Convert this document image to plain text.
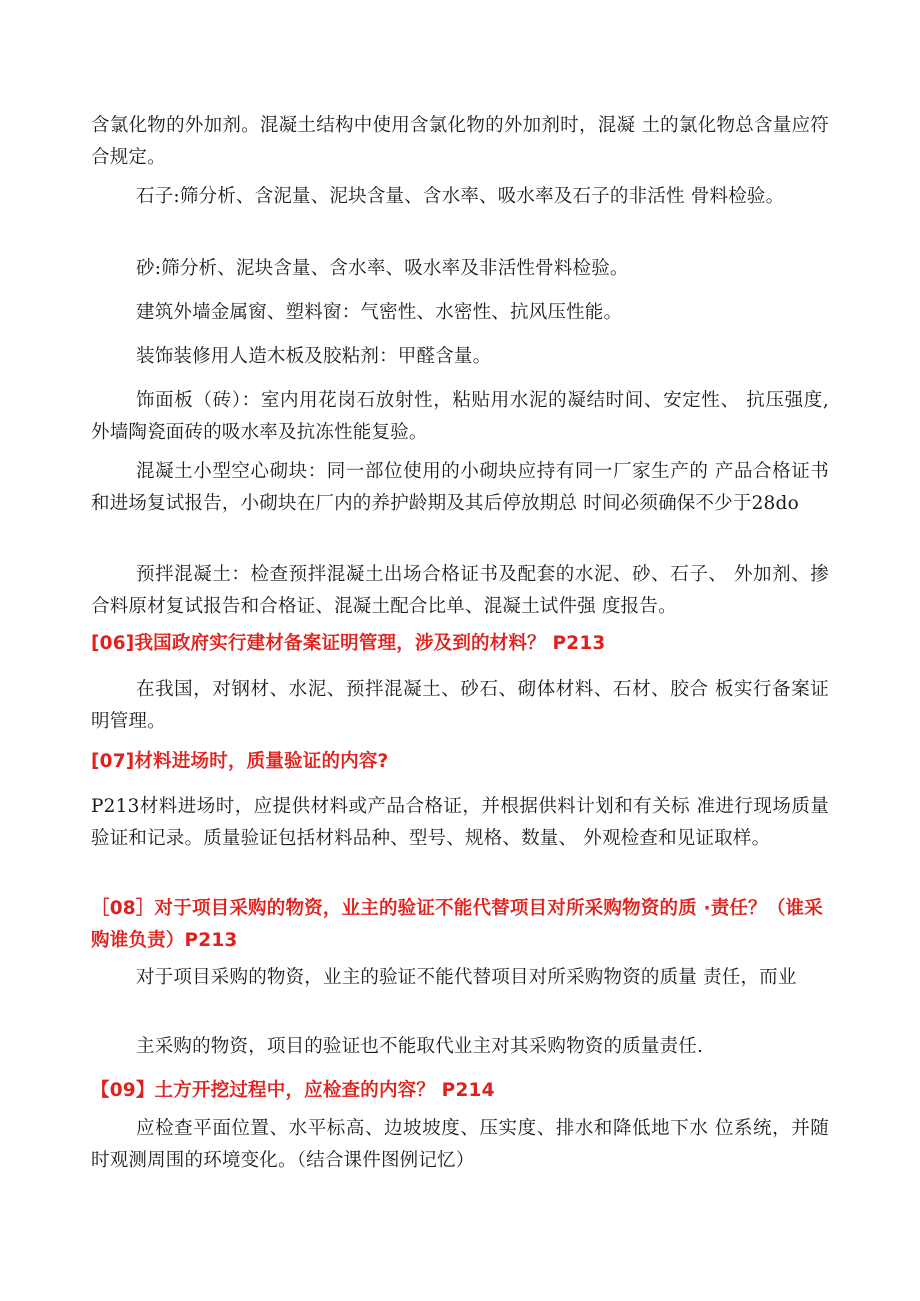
含氯化物的外加剂。混凝土结构中使用含氯化物的外加剂时，混凝 土的氯化物总含量应符合规定。

石子:筛分析、含泥量、泥块含量、含水率、吸水率及石子的非活性 骨料检验。

砂:筛分析、泥块含量、含水率、吸水率及非活性骨料检验。

建筑外墙金属窗、塑料窗：气密性、水密性、抗风压性能。

装饰装修用人造木板及胶粘剂：甲醛含量。

饰面板（砖）：室内用花岗石放射性，粘贴用水泥的凝结时间、安定性、 抗压强度,外墙陶瓷面砖的吸水率及抗冻性能复验。

混凝土小型空心砌块：同一部位使用的小砌块应持有同一厂家生产的 产品合格证书和进场复试报告，小砌块在厂内的养护龄期及其后停放期总 时间必须确保不少于28do

预拌混凝土：检查预拌混凝土出场合格证书及配套的水泥、砂、石子、 外加剂、掺合料原材复试报告和合格证、混凝土配合比单、混凝土试件强 度报告。

[06]我国政府实行建材备案证明管理，涉及到的材料？ P213

在我国，对钢材、水泥、预拌混凝土、砂石、砌体材料、石材、胶合 板实行备案证明管理。

[07]材料进场时，质量验证的内容?

P213材料进场时，应提供材料或产品合格证，并根据供料计划和有关标 准进行现场质量验证和记录。质量验证包括材料品种、型号、规格、数量、 外观检查和见证取样。

［08］对于项目采购的物资，业主的验证不能代替项目对所采购物资的质 ·责任？（谁采购谁负责）P213

对于项目采购的物资，业主的验证不能代替项目对所采购物资的质量 责任，而业

主采购的物资，项目的验证也不能取代业主对其采购物资的质量责任.

【09】土方开挖过程中，应检查的内容？ P214

应检查平面位置、水平标高、边坡坡度、压实度、排水和降低地下水 位系统，并随时观测周围的环境变化。（结合课件图例记忆）
